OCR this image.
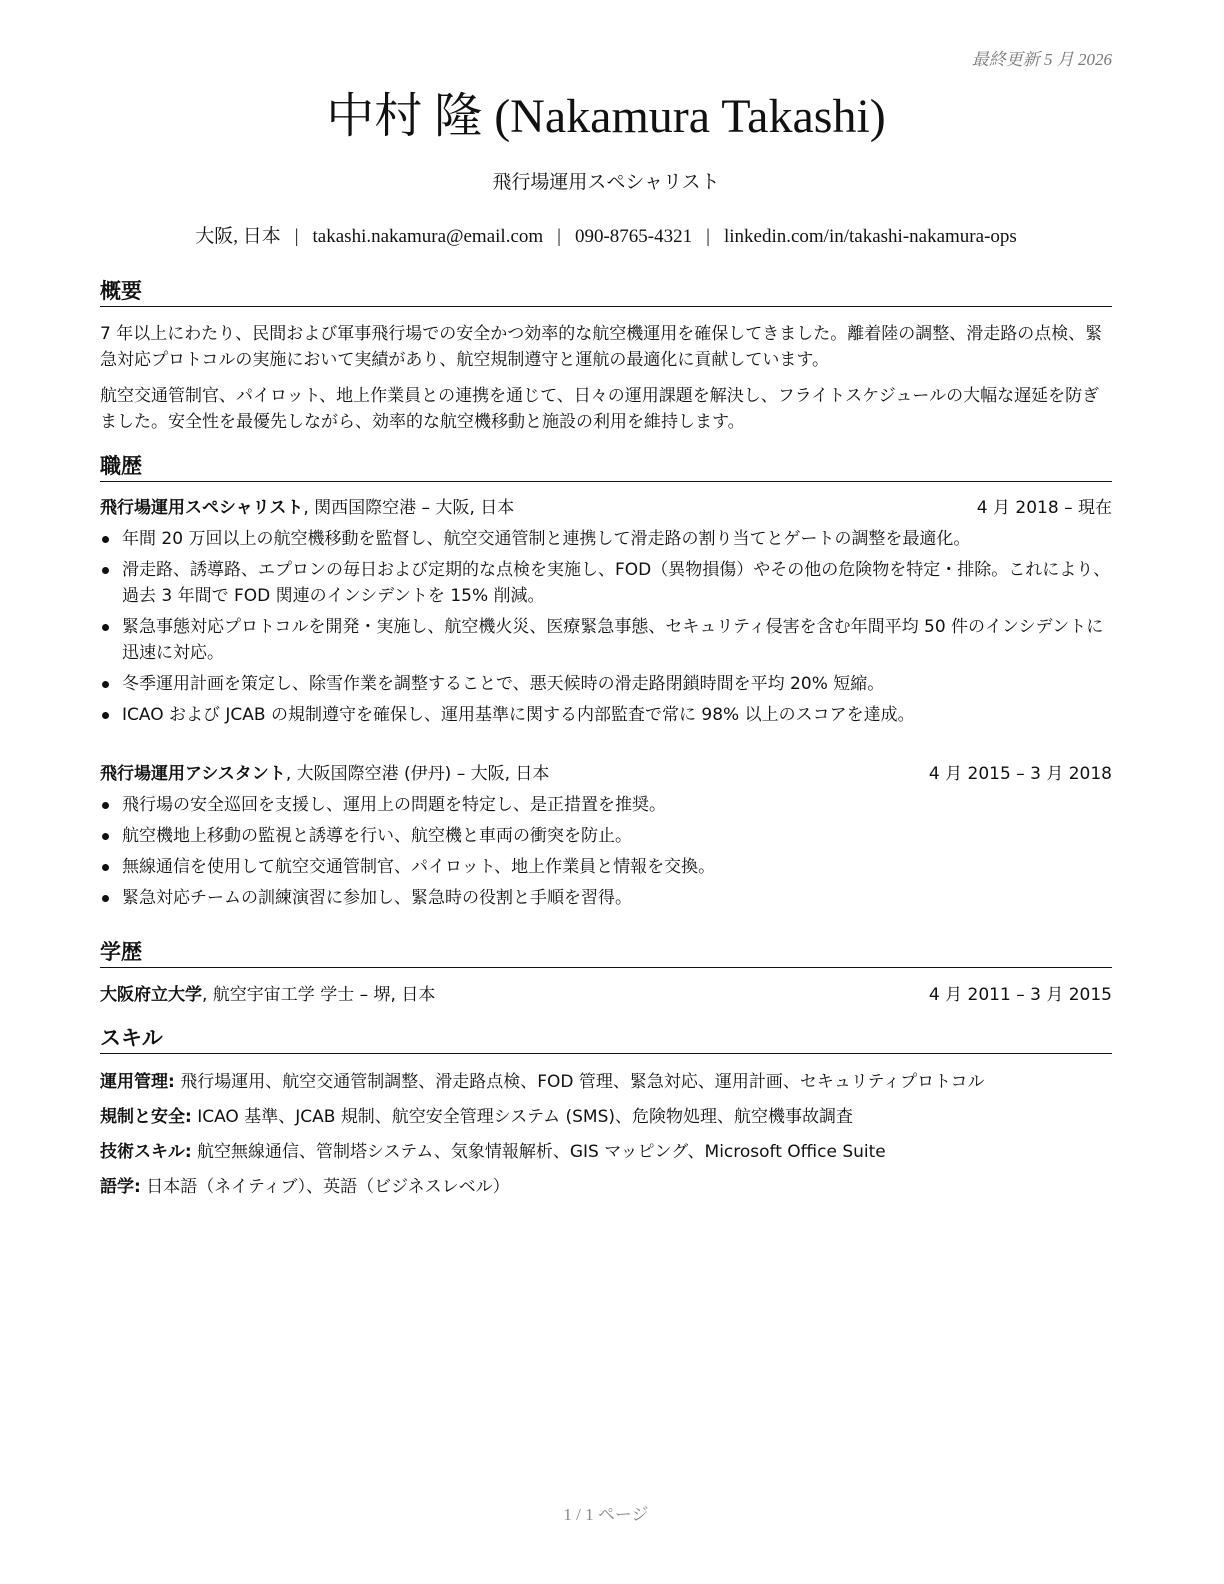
最終更新 5 月 2026
中村 隆 (Nakamura Takashi)
飛行場運用スペシャリスト
大阪, 日本 | takashi.nakamura@email.com | 090-8765-4321 | linkedin.com/in/takashi-nakamura-ops
概要
7 年以上にわたり、民間および軍事飛行場での安全かつ効率的な航空機運用を確保してきました。離着陸の調整、滑走路の点検、緊急対応プロトコルの実施において実績があり、航空規制遵守と運航の最適化に貢献しています。
航空交通管制官、パイロット、地上作業員との連携を通じて、日々の運用課題を解決し、フライトスケジュールの大幅な遅延を防ぎました。安全性を最優先しながら、効率的な航空機移動と施設の利用を維持します。
職歴
飛行場運用スペシャリスト, 関西国際空港 – 大阪, 日本	4 月 2018 – 現在
年間 20 万回以上の航空機移動を監督し、航空交通管制と連携して滑走路の割り当てとゲートの調整を最適化。
滑走路、誘導路、エプロンの毎日および定期的な点検を実施し、FOD（異物損傷）やその他の危険物を特定・排除。これにより、過去 3 年間で FOD 関連のインシデントを 15% 削減。
緊急事態対応プロトコルを開発・実施し、航空機火災、医療緊急事態、セキュリティ侵害を含む年間平均 50 件のインシデントに迅速に対応。
冬季運用計画を策定し、除雪作業を調整することで、悪天候時の滑走路閉鎖時間を平均 20% 短縮。
ICAO および JCAB の規制遵守を確保し、運用基準に関する内部監査で常に 98% 以上のスコアを達成。
飛行場運用アシスタント, 大阪国際空港 (伊丹) – 大阪, 日本	4 月 2015 – 3 月 2018
飛行場の安全巡回を支援し、運用上の問題を特定し、是正措置を推奨。
航空機地上移動の監視と誘導を行い、航空機と車両の衝突を防止。
無線通信を使用して航空交通管制官、パイロット、地上作業員と情報を交換。
緊急対応チームの訓練演習に参加し、緊急時の役割と手順を習得。
学歴
大阪府立大学, 航空宇宙工学 学士 – 堺, 日本	4 月 2011 – 3 月 2015
スキル
運用管理: 飛行場運用、航空交通管制調整、滑走路点検、FOD 管理、緊急対応、運用計画、セキュリティプロトコル
規制と安全: ICAO 基準、JCAB 規制、航空安全管理システム (SMS)、危険物処理、航空機事故調査
技術スキル: 航空無線通信、管制塔システム、気象情報解析、GIS マッピング、Microsoft Office Suite
語学: 日本語（ネイティブ）、英語（ビジネスレベル）
1 / 1 ページ
